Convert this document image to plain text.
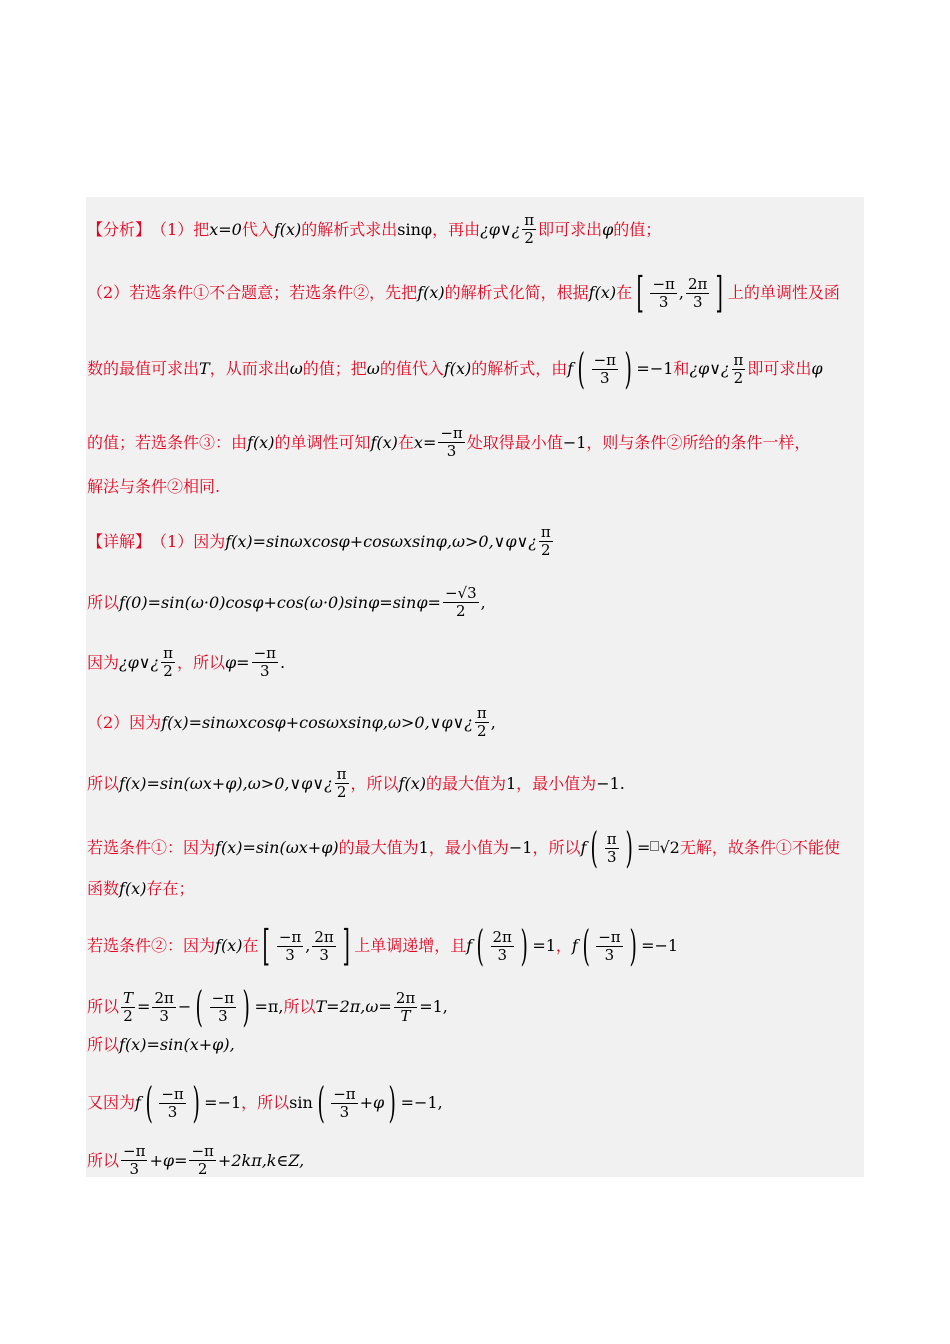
【分析】 （1）把 x=0 代入 f(x) 的解析式求出 sinφ ，再由 ¿φ∨¿ π
2 即可求出 φ 的值；
（2）若选条件①不合题意；若选条件②，先把 f(x) 的解析式化简，根据 f(x) 在 [ −π
3 , 2π
3 ] 上的单调性及函
数的最值可求出 T ，从而求出 ω 的值；把 ω 的值代入 f(x) 的解析式，由 f ( −π
3 ) =−1 和 ¿φ∨¿ π
2 即可求出 φ
的值；若选条件③：由 f(x) 的单调性可知 f(x) 在 $x= \frac{-\pi}{3}$ 处取得最小值 −1 ，则与条件②所给的条件一样，
解法与条件②相同.
【详解】 （1）因为 f(x)=sinωxcosφ+cosωxsinφ,ω>0,∨φ∨¿ π
2
所以 $f(0)=\sin(\omega\cdot 0)\cos\varphi+\cos(\omega\cdot 0)\sin\varphi=\sin\varphi= \frac{-√3}{2}$ ,
因为 ¿φ∨¿ π
2 ，所以 $\varphi= \frac{-\pi}{3}$ .
（2）因为 f(x)=sinωxcosφ+cosωxsinφ,ω>0,∨φ∨¿ π
2 ,
所以 f(x)=sin(ωx+φ),ω>0,∨φ∨¿ π
2 ，所以 f(x) 的最大值为 1 ，最小值为 −1 .
若选条件①：因为 f(x)=sin(ωx+φ) 的最大值为 1 ，最小值为 −1 ，所以 f ( π
3 ) = √2 无解，故条件①不能使
函数 f(x) 存在；
若选条件②：因为 f(x) 在 [ −π
3 , 2π
3 ] 上单调递增，且 f ( 2π
3 ) =1 ， f ( −π
3 ) =−1
所以 $\frac{T}{2} = \frac{2\pi}{3}$ − ( −π
3 ) =π, 所以 $T=2\pi,\omega= \frac{2\pi}{T} =1$,
所以 f(x)=sin(x+φ),
又因为 f ( −π
3 ) =−1 ，所以 sin ( −π
3 +φ ) =−1 ,
所以 −π
$3 +\varphi= \frac{-\pi}{2}$ +2kπ,k∈Z,
